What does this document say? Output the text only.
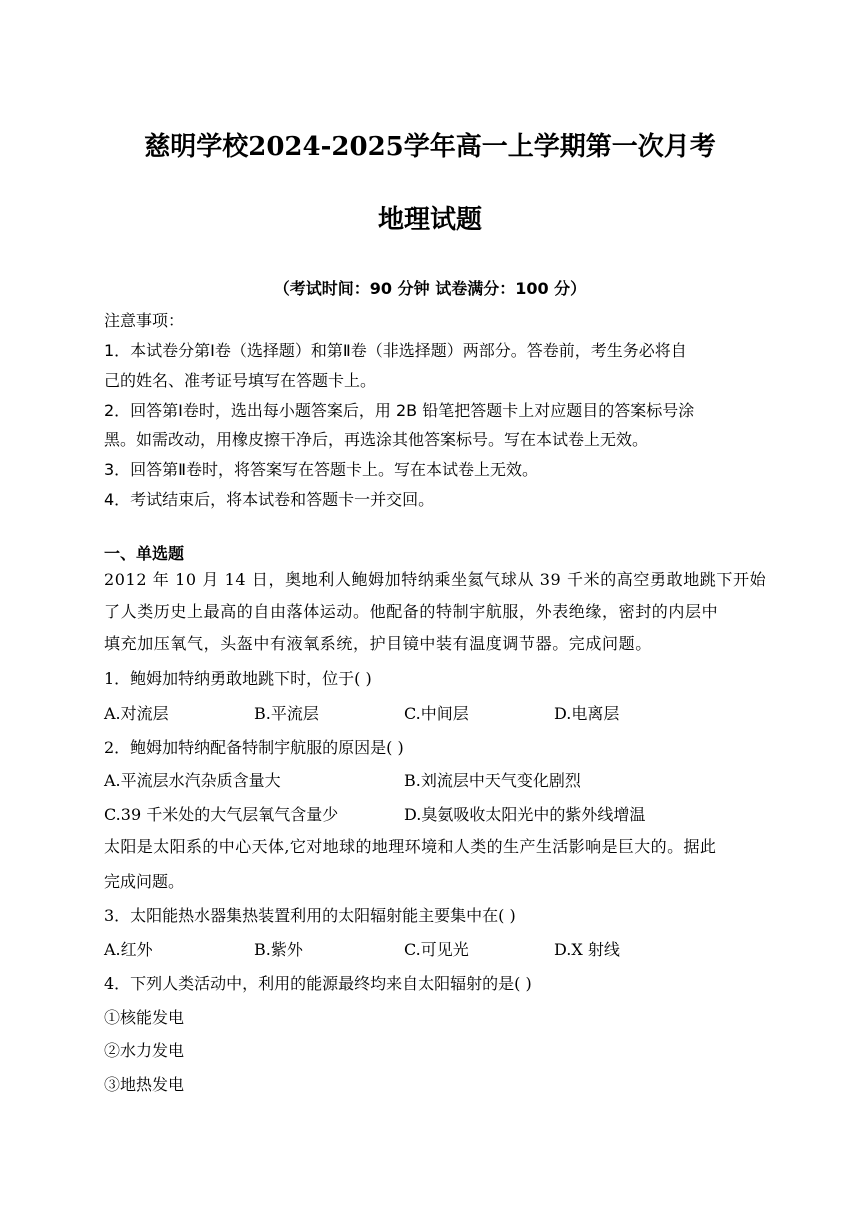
慈明学校2024-2025学年高一上学期第一次月考
地理试题
（考试时间：90 分钟 试卷满分：100 分）
注意事项：
1．本试卷分第Ⅰ卷（选择题）和第Ⅱ卷（非选择题）两部分。答卷前，考生务必将自
己的姓名、准考证号填写在答题卡上。
2．回答第Ⅰ卷时，选出每小题答案后，用 2B 铅笔把答题卡上对应题目的答案标号涂
黑。如需改动，用橡皮擦干净后，再选涂其他答案标号。写在本试卷上无效。
3．回答第Ⅱ卷时，将答案写在答题卡上。写在本试卷上无效。
4．考试结束后，将本试卷和答题卡一并交回。
一、单选题
2012 年 10 月 14 日，奥地利人鲍姆加特纳乘坐氦气球从 39 千米的高空勇敢地跳下开始
了人类历史上最高的自由落体运动。他配备的特制宇航服，外表绝缘，密封的内层中
填充加压氧气，头盔中有液氧系统，护目镜中装有温度调节器。完成问题。
1．鲍姆加特纳勇敢地跳下时，位于( )
A.对流层	B.平流层	C.中间层	D.电离层
2．鲍姆加特纳配备特制宇航服的原因是( )
A.平流层水汽杂质含量大	B.刘流层中天气变化剧烈
C.39 千米处的大气层氧气含量少	D.臭氨吸收太阳光中的紫外线增温
太阳是太阳系的中心天体,它对地球的地理环境和人类的生产生活影响是巨大的。据此
完成问题。
3．太阳能热水器集热装置利用的太阳辐射能主要集中在( )
A.红外	B.紫外	C.可见光	D.X 射线
4．下列人类活动中，利用的能源最终均来自太阳辐射的是( )
①核能发电
②水力发电
③地热发电
